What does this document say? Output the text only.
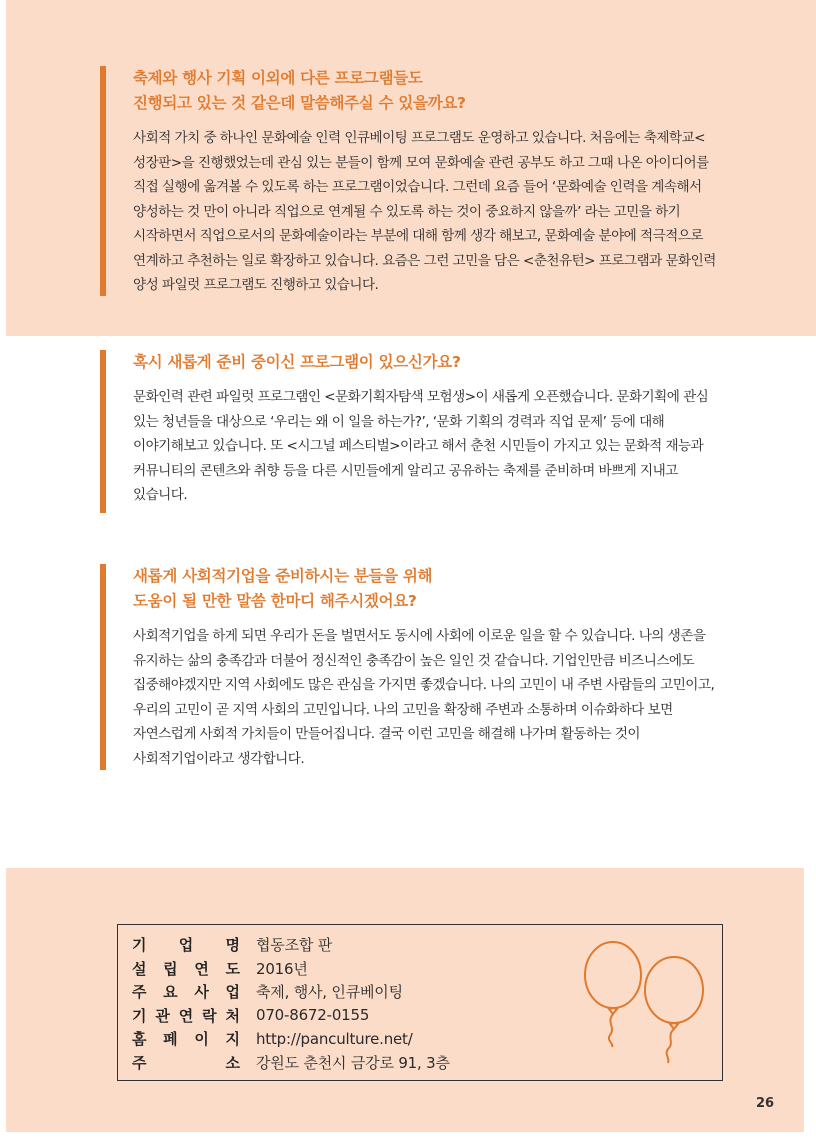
축제와 행사 기획 이외에 다른 프로그램들도
진행되고 있는 것 같은데 말씀해주실 수 있을까요?
사회적 가치 중 하나인 문화예술 인력 인큐베이팅 프로그램도 운영하고 있습니다. 처음에는 축제학교<
성장판>을 진행했었는데 관심 있는 분들이 함께 모여 문화예술 관련 공부도 하고 그때 나온 아이디어를
직접 실행에 옮겨볼 수 있도록 하는 프로그램이었습니다. 그런데 요즘 들어 ‘문화예술 인력을 계속해서
양성하는 것 만이 아니라 직업으로 연계될 수 있도록 하는 것이 중요하지 않을까’ 라는 고민을 하기
시작하면서 직업으로서의 문화예술이라는 부분에 대해 함께 생각 해보고, 문화예술 분야에 적극적으로
연계하고 추천하는 일로 확장하고 있습니다. 요즘은 그런 고민을 담은 <춘천유턴> 프로그램과 문화인력
양성 파일럿 프로그램도 진행하고 있습니다.
혹시 새롭게 준비 중이신 프로그램이 있으신가요?
문화인력 관련 파일럿 프로그램인 <문화기획자탐색 모험생>이 새롭게 오픈했습니다. 문화기획에 관심
있는 청년들을 대상으로 ‘우리는 왜 이 일을 하는가?’, ‘문화 기획의 경력과 직업 문제’ 등에 대해
이야기해보고 있습니다. 또 <시그널 페스티벌>이라고 해서 춘천 시민들이 가지고 있는 문화적 재능과
커뮤니티의 콘텐츠와 취향 등을 다른 시민들에게 알리고 공유하는 축제를 준비하며 바쁘게 지내고
있습니다.
새롭게 사회적기업을 준비하시는 분들을 위해
도움이 될 만한 말씀 한마디 해주시겠어요?
사회적기업을 하게 되면 우리가 돈을 벌면서도 동시에 사회에 이로운 일을 할 수 있습니다. 나의 생존을
유지하는 삶의 충족감과 더불어 정신적인 충족감이 높은 일인 것 같습니다. 기업인만큼 비즈니스에도
집중해야겠지만 지역 사회에도 많은 관심을 가지면 좋겠습니다. 나의 고민이 내 주변 사람들의 고민이고,
우리의 고민이 곧 지역 사회의 고민입니다. 나의 고민을 확장해 주변과 소통하며 이슈화하다 보면
자연스럽게 사회적 가치들이 만들어집니다. 결국 이런 고민을 해결해 나가며 활동하는 것이
사회적기업이라고 생각합니다.
기 업 명 협동조합 판
설 립 연 도 2016년
주 요 사 업 축제, 행사, 인큐베이팅
기 관 연 락 처 070-8672-0155
홈 페 이 지 http://panculture.net/
주	소 강원도 춘천시 금강로 91, 3층
26
